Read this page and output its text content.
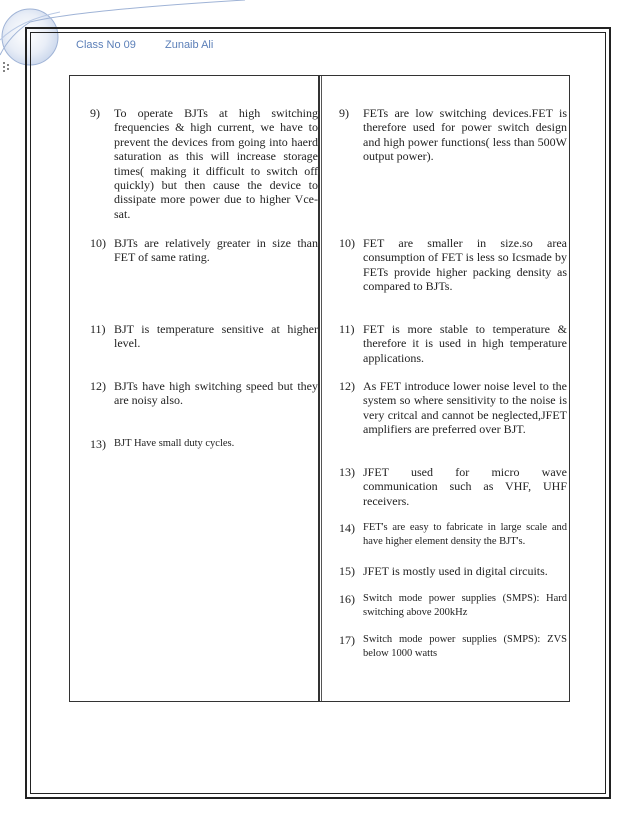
Class No 09	Zunaib Ali
9)	To operate BJTs at high switching frequencies & high current, we have to prevent the devices from going into haerd saturation as this will increase storage times( making it difficult to switch off quickly) but then cause the device to dissipate more power due to higher Vce-sat.
10) BJTs are relatively greater in size than FET of same rating.
11) BJT is temperature sensitive at higher level.
12) BJTs have high switching speed but they are noisy also.
13) BJT Have small duty cycles.
9)	FETs are low switching devices.FET is therefore used for power switch design and high power functions( less than 500W output power).
10) FET are smaller in size.so area consumption of FET is less so Icsmade by FETs provide higher packing density as compared to BJTs.
11) FET is more stable to temperature & therefore it is used in high temperature applications.
12) As FET introduce lower noise level to the system so where sensitivity to the noise is very critcal and cannot be neglected,JFET amplifiers are preferred over BJT.
13) JFET used for micro wave communication such as VHF, UHF receivers.
14) FET's are easy to fabricate in large scale and have higher element density the BJT's.
15) JFET is mostly used in digital circuits.
16) Switch mode power supplies (SMPS): Hard switching above 200kHz
17) Switch mode power supplies (SMPS): ZVS below 1000 watts
